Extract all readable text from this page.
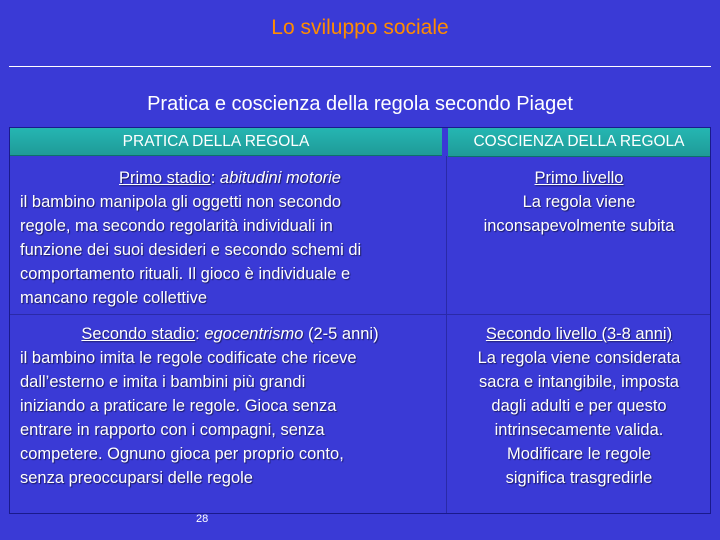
Lo sviluppo sociale
Pratica e coscienza della regola secondo Piaget
PRATICA DELLA REGOLA	COSCIENZA DELLA REGOLA
Primo stadio: abitudini motorie
il bambino manipola gli oggetti non secondo
regole, ma secondo regolarità individuali in
funzione dei suoi desideri e secondo schemi di
comportamento rituali. Il gioco è individuale e
mancano regole collettive
Primo livello
La regola viene
inconsapevolmente subita
Secondo stadio: egocentrismo (2-5 anni)
il bambino imita le regole codificate che riceve
dall’esterno e imita i bambini più grandi
iniziando a praticare le regole. Gioca senza
entrare in rapporto con i compagni, senza
competere. Ognuno gioca per proprio conto,
senza preoccuparsi delle regole
Secondo livello (3-8 anni)
La regola viene considerata
sacra e intangibile, imposta
dagli adulti e per questo
intrinsecamente valida.
Modificare le regole
significa trasgredirle
28
